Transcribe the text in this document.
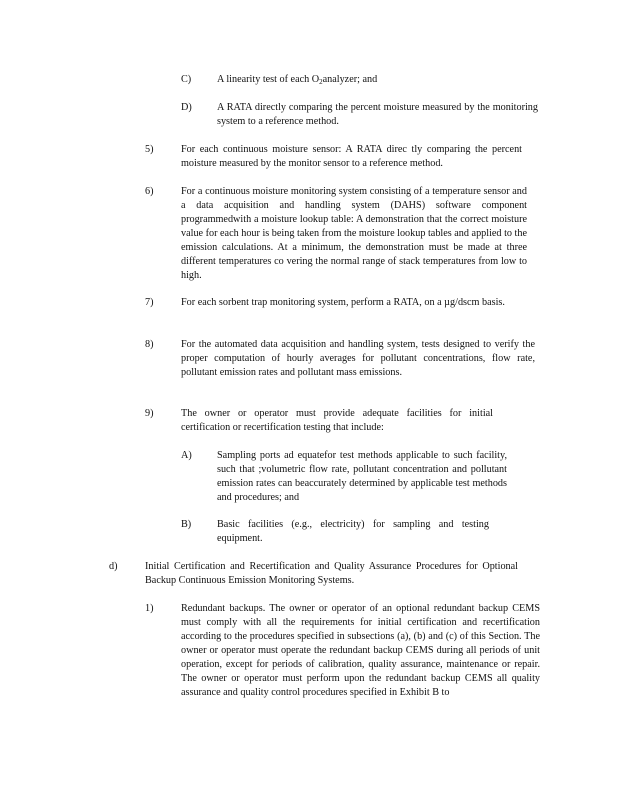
C)	A linearity test of each $O_2analyzer$; and
D) A RATA directly comparing the percent moisture measured by the monitoring system to a reference method.
5)	For each continuous moisture sensor: A RATA direc tly comparing the percent moisture measured by the monitor sensor to a reference method.
6)	For a continuous moisture monitoring system consisting of a temperature sensor and a data acquisition and handling system (DAHS) software component programmedwith a moisture lookup table: A demonstration that the correct moisture value for each hour is being taken from the moisture lookup tables and applied to the emission calculations. At a minimum, the demonstration must be made at three different temperatures co vering the normal range of stack temperatures from low to high.
7)	For each sorbent trap monitoring system, perform a RATA, on a µg/dscm basis.
8)	For the automated data acquisition and handling system, tests designed to verify the proper computation of hourly averages for pollutant concentrations, flow rate, pollutant emission rates and pollutant mass emissions.
9)	The owner or operator must provide adequate facilities for initial certification or recertification testing that include:
A) Sampling ports ad equatefor test methods applicable to such facility, such that ;volumetric flow rate, pollutant concentration and pollutant emission rates can beaccurately determined by applicable test methods and procedures; and
B)	Basic facilities (e.g., electricity) for sampling and testing equipment.
d)	Initial Certification and Recertification and Quality Assurance Procedures for Optional Backup Continuous Emission Monitoring Systems.
1)	Redundant backups. The owner or operator of an optional redundant backup CEMS must comply with all the requirements for initial certification and recertification according to the procedures specified in subsections (a), (b) and (c) of this Section. The owner or operator must operate the redundant backup CEMS during all periods of unit operation, except for periods of calibration, quality assurance, maintenance or repair. The owner or operator must perform upon the redundant backup CEMS all quality assurance and quality control procedures specified in Exhibit B to
